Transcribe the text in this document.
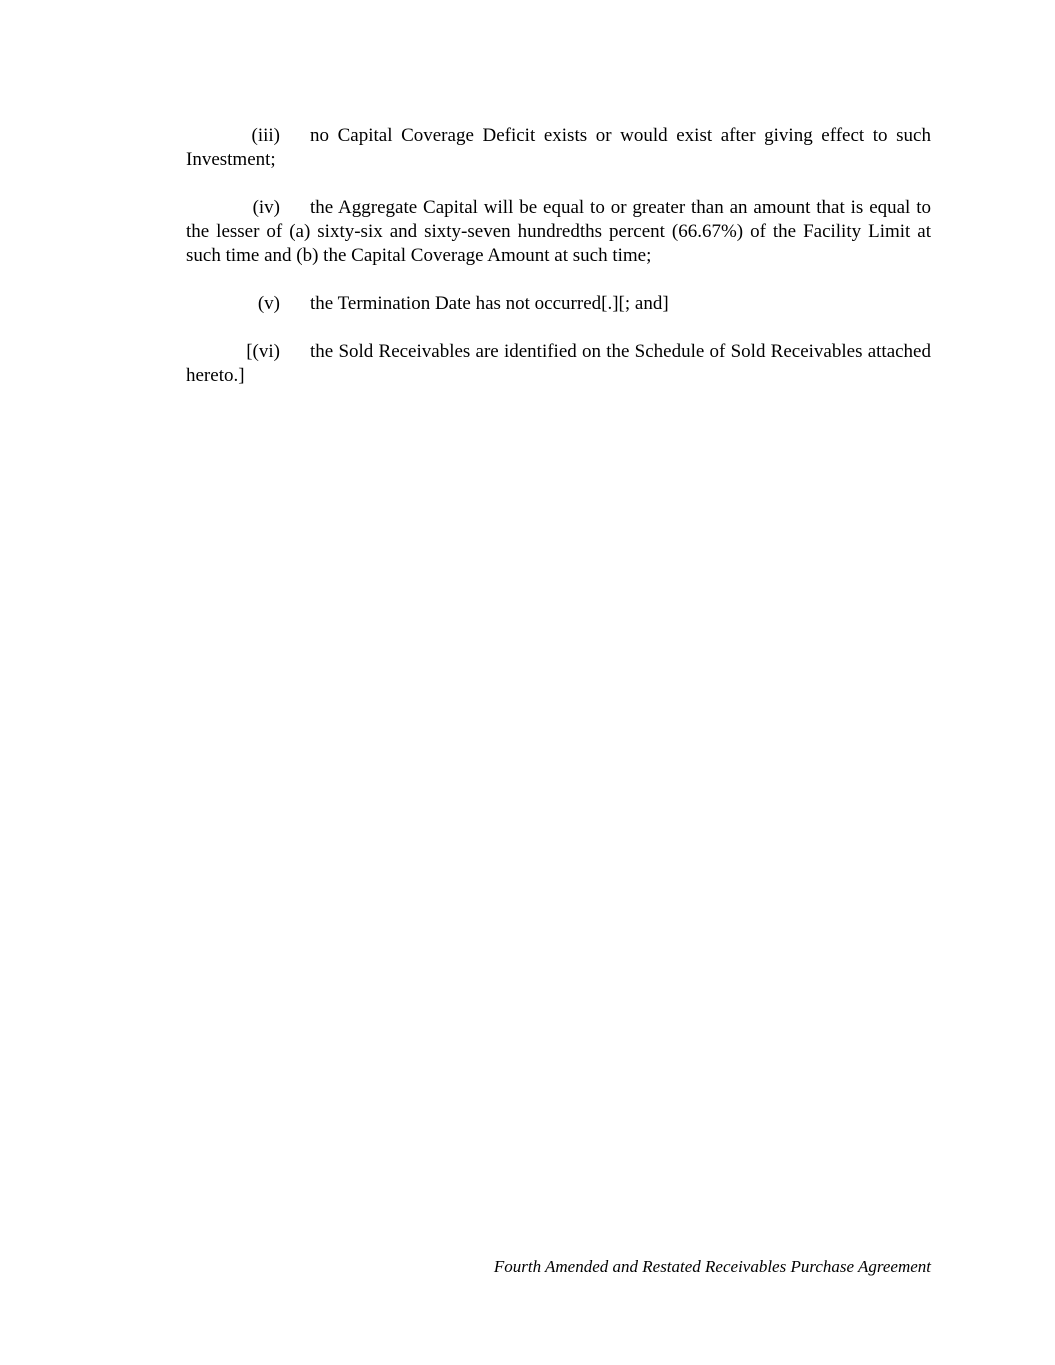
(iii) no Capital Coverage Deficit exists or would exist after giving effect to such Investment;

(iv) the Aggregate Capital will be equal to or greater than an amount that is equal to the lesser of (a) sixty-six and sixty-seven hundredths percent (66.67%) of the Facility Limit at such time and (b) the Capital Coverage Amount at such time;

(v) the Termination Date has not occurred[.][; and]

[(vi) the Sold Receivables are identified on the Schedule of Sold Receivables attached hereto.]

Fourth Amended and Restated Receivables Purchase Agreement
